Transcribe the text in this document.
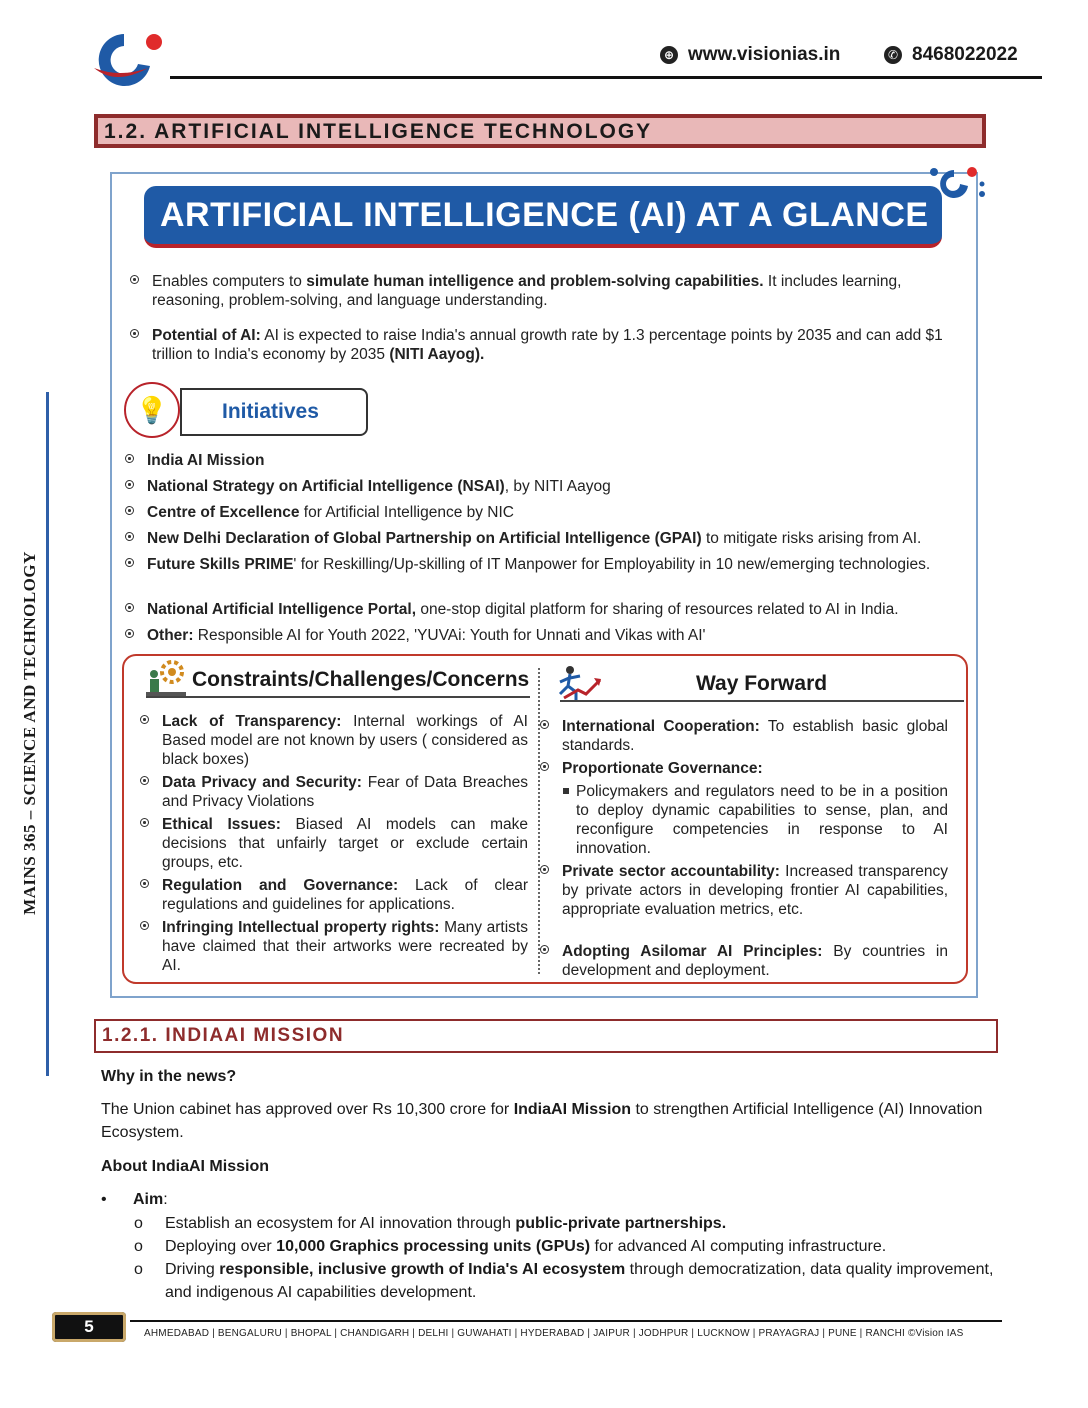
⊕ www.visionias.in	✆ 8468022022
1.2. ARTIFICIAL INTELLIGENCE TECHNOLOGY
MAINS 365 – SCIENCE AND TECHNOLOGY
ARTIFICIAL INTELLIGENCE (AI) AT A GLANCE
Enables computers to simulate human intelligence and problem-solving capabilities. It includes learning, reasoning, problem-solving, and language understanding.
Potential of AI: AI is expected to raise India's annual growth rate by 1.3 percentage points by 2035 and can add $1 trillion to India's economy by 2035 (NITI Aayog).
Initiatives
💡
India AI Mission
National Strategy on Artificial Intelligence (NSAI), by NITI Aayog
Centre of Excellence for Artificial Intelligence by NIC
New Delhi Declaration of Global Partnership on Artificial Intelligence (GPAI) to mitigate risks arising from AI.
Future Skills PRIME' for Reskilling/Up-skilling of IT Manpower for Employability in 10 new/emerging technologies.
National Artificial Intelligence Portal, one-stop digital platform for sharing of resources related to AI in India.
Other: Responsible AI for Youth 2022, 'YUVAi: Youth for Unnati and Vikas with AI'
Constraints/Challenges/Concerns	Way Forward
Lack of Transparency: Internal workings of AI Based model are not known by users ( considered as black boxes)
Data Privacy and Security: Fear of Data Breaches and Privacy Violations
Ethical Issues: Biased AI models can make decisions that unfairly target or exclude certain groups, etc.
Regulation and Governance: Lack of clear regulations and guidelines for applications.
Infringing Intellectual property rights: Many artists have claimed that their artworks were recreated by AI.
International Cooperation: To establish basic global standards.
Proportionate Governance:
Policymakers and regulators need to be in a position to deploy dynamic capabilities to sense, plan, and reconfigure competencies in response to AI innovation.
Private sector accountability: Increased transparency by private actors in developing frontier AI capabilities, appropriate evaluation metrics, etc.
Adopting Asilomar AI Principles: By countries in development and deployment.
1.2.1. INDIAAI MISSION
Why in the news?
The Union cabinet has approved over Rs 10,300 crore for IndiaAI Mission to strengthen Artificial Intelligence (AI) Innovation Ecosystem.
About IndiaAI Mission
• Aim:
o Establish an ecosystem for AI innovation through public-private partnerships.
o Deploying over 10,000 Graphics processing units (GPUs) for advanced AI computing infrastructure.
o Driving responsible, inclusive growth of India's AI ecosystem through democratization, data quality improvement, and indigenous AI capabilities development.
5	AHMEDABAD | BENGALURU | BHOPAL | CHANDIGARH | DELHI | GUWAHATI | HYDERABAD | JAIPUR | JODHPUR | LUCKNOW | PRAYAGRAJ | PUNE | RANCHI ©Vision IAS
